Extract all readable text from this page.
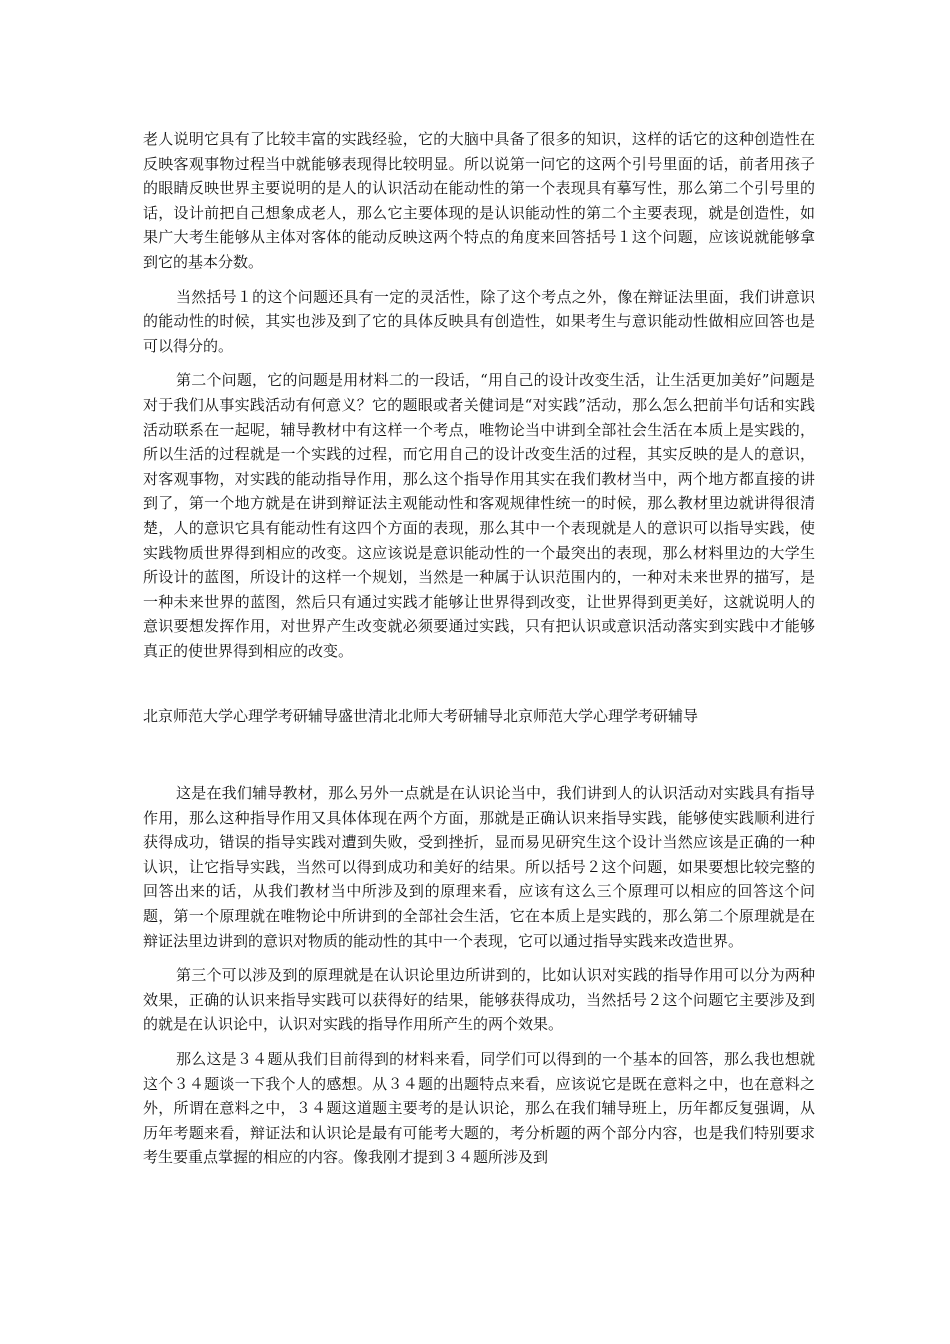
老人说明它具有了比较丰富的实践经验，它的大脑中具备了很多的知识，这样的话它的这种创造性在反映客观事物过程当中就能够表现得比较明显。所以说第一问它的这两个引号里面的话，前者用孩子的眼睛反映世界主要说明的是人的认识活动在能动性的第一个表现具有摹写性，那么第二个引号里的话，设计前把自己想象成老人，那么它主要体现的是认识能动性的第二个主要表现，就是创造性，如果广大考生能够从主体对客体的能动反映这两个特点的角度来回答括号１这个问题，应该说就能够拿到它的基本分数。

当然括号１的这个问题还具有一定的灵活性，除了这个考点之外，像在辩证法里面，我们讲意识的能动性的时候，其实也涉及到了它的具体反映具有创造性，如果考生与意识能动性做相应回答也是可以得分的。

第二个问题，它的问题是用材料二的一段话，“用自己的设计改变生活，让生活更加美好”问题是对于我们从事实践活动有何意义？它的题眼或者关健词是“对实践”活动，那么怎么把前半句话和实践活动联系在一起呢，辅导教材中有这样一个考点，唯物论当中讲到全部社会生活在本质上是实践的，所以生活的过程就是一个实践的过程，而它用自己的设计改变生活的过程，其实反映的是人的意识，对客观事物，对实践的能动指导作用，那么这个指导作用其实在我们教材当中，两个地方都直接的讲到了，第一个地方就是在讲到辩证法主观能动性和客观规律性统一的时候，那么教材里边就讲得很清楚，人的意识它具有能动性有这四个方面的表现，那么其中一个表现就是人的意识可以指导实践，使实践物质世界得到相应的改变。这应该说是意识能动性的一个最突出的表现，那么材料里边的大学生所设计的蓝图，所设计的这样一个规划，当然是一种属于认识范围内的，一种对未来世界的描写，是一种未来世界的蓝图，然后只有通过实践才能够让世界得到改变，让世界得到更美好，这就说明人的意识要想发挥作用，对世界产生改变就必须要通过实践，只有把认识或意识活动落实到实践中才能够真正的使世界得到相应的改变。

北京师范大学心理学考研辅导盛世清北北师大考研辅导北京师范大学心理学考研辅导

这是在我们辅导教材，那么另外一点就是在认识论当中，我们讲到人的认识活动对实践具有指导作用，那么这种指导作用又具体体现在两个方面，那就是正确认识来指导实践，能够使实践顺利进行获得成功，错误的指导实践对遭到失败，受到挫折，显而易见研究生这个设计当然应该是正确的一种认识，让它指导实践，当然可以得到成功和美好的结果。所以括号２这个问题，如果要想比较完整的回答出来的话，从我们教材当中所涉及到的原理来看，应该有这么三个原理可以相应的回答这个问题，第一个原理就在唯物论中所讲到的全部社会生活，它在本质上是实践的，那么第二个原理就是在辩证法里边讲到的意识对物质的能动性的其中一个表现，它可以通过指导实践来改造世界。

第三个可以涉及到的原理就是在认识论里边所讲到的，比如认识对实践的指导作用可以分为两种效果，正确的认识来指导实践可以获得好的结果，能够获得成功，当然括号２这个问题它主要涉及到的就是在认识论中，认识对实践的指导作用所产生的两个效果。

那么这是３４题从我们目前得到的材料来看，同学们可以得到的一个基本的回答，那么我也想就这个３４题谈一下我个人的感想。从３４题的出题特点来看，应该说它是既在意料之中，也在意料之外，所谓在意料之中，３４题这道题主要考的是认识论，那么在我们辅导班上，历年都反复强调，从历年考题来看，辩证法和认识论是最有可能考大题的，考分析题的两个部分内容，也是我们特别要求考生要重点掌握的相应的内容。像我刚才提到３４题所涉及到
